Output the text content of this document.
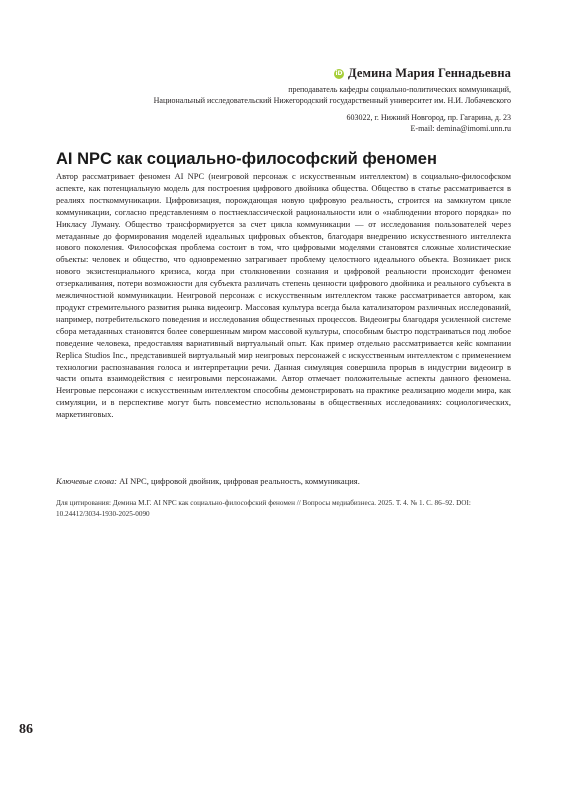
iD Демина Мария Геннадьевна
преподаватель кафедры социально-политических коммуникаций,
Национальный исследовательский Нижегородский государственный университет им. Н.И. Лобачевского
603022, г. Нижний Новгород, пр. Гагарина, д. 23
E-mail: demina@imomi.unn.ru
AI NPC как социально-философский феномен

Автор рассматривает феномен AI NPC (неигровой персонаж с искусственным интеллектом) в социально-философском аспекте, как потенциальную модель для построения цифрового двойника общества. Общество в статье рассматривается в реалиях посткоммуникации. Цифровизация, порождающая новую цифровую реальность, строится на замкнутом цикле коммуникации, согласно представлениям о постнеклассической рациональности или о «наблюдении второго порядка» по Никласу Луману. Общество трансформируется за счет цикла коммуникации — от исследования пользователей через метаданные до формирования моделей идеальных цифровых объектов, благодаря внедрению искусственного интеллекта нового поколения. Философская проблема состоит в том, что цифровыми моделями становятся сложные холистические объекты: человек и общество, что одновременно затрагивает проблему целостного идеального объекта. Возникает риск нового экзистенциального кризиса, когда при столкновении сознания и цифровой реальности происходит феномен отзеркаливания, потери возможности для субъекта различать степень ценности цифрового двойника и реального субъекта в межличностной коммуникации. Неигровой персонаж с искусственным интеллектом также рассматривается автором, как продукт стремительного развития рынка видеоигр. Массовая культура всегда была катализатором различных исследований, например, потребительского поведения и исследования общественных процессов. Видеоигры благодаря усиленной системе сбора метаданных становятся более совершенным миром массовой культуры, способным быстро подстраиваться под любое поведение человека, предоставляя вариативный виртуальный опыт. Как пример отдельно рассматривается кейс компании Replica Studios Inc., представившей виртуальный мир неигровых персонажей с искусственным интеллектом с применением технологии распознавания голоса и интерпретации речи. Данная симуляция совершила прорыв в индустрии видеоигр в части опыта взаимодействия с неигровыми персонажами. Автор отмечает положительные аспекты данного феномена. Неигровые персонажи с искусственным интеллектом способны демонстрировать на практике реализацию модели мира, как симуляции, и в перспективе могут быть повсеместно использованы в общественных исследованиях: социологических, маркетинговых.

Ключевые слова: AI NPC, цифровой двойник, цифровая реальность, коммуникация.

Для цитирования: Демина М.Г. AI NPC как социально-философский феномен // Вопросы медиабизнеса. 2025. Т. 4. № 1. С. 86–92. DOI: 10.24412/3034-1930-2025-0090

86
